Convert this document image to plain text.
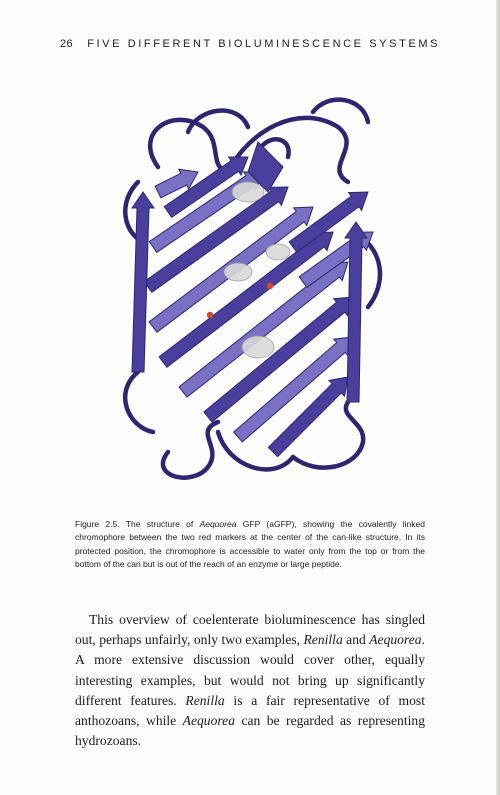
26 FIVE DIFFERENT BIOLUMINESCENCE SYSTEMS
Figure 2.5. The structure of Aequorea GFP (aGFP), showing the covalently linked chromophore between the two red markers at the center of the can-like structure. In its protected position, the chromophore is accessible to water only from the top or from the bottom of the can but is out of the reach of an enzyme or large peptide.

This overview of coelenterate bioluminescence has singled out, perhaps unfairly, only two examples, Renilla and Aequorea. A more extensive discussion would cover other, equally interesting examples, but would not bring up significantly different features. Renilla is a fair representative of most anthozoans, while Aequorea can be regarded as representing hydrozoans.
